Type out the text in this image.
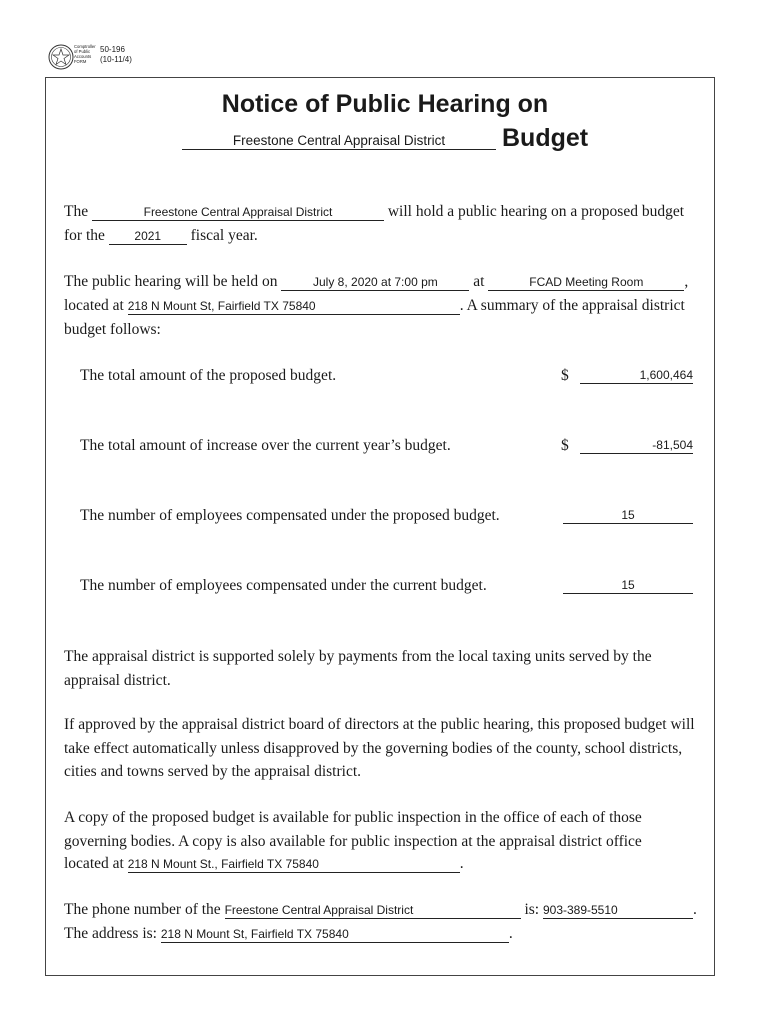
Comptroller
of Public
Accounts
FORM
50-196
(10-11/4)
Notice of Public Hearing on
Freestone Central Appraisal District	Budget
The	Freestone Central Appraisal District	will hold a public hearing on a proposed budget
for the 2021 fiscal year.
The public hearing will be held on	July 8, 2020 at 7:00 pm at	FCAD Meeting Room	,
located at 218 N Mount St, Fairfield TX 75840	. A summary of the appraisal district
budget follows:
The total amount of the proposed budget.	$	1,600,464
The total amount of increase over the current year’s budget.	$	-81,504
The number of employees compensated under the proposed budget.	15
The number of employees compensated under the current budget.	15

The appraisal district is supported solely by payments from the local taxing units served by the appraisal district.

If approved by the appraisal district board of directors at the public hearing, this proposed budget will take effect automatically unless disapproved by the governing bodies of the county, school districts, cities and towns served by the appraisal district.

A copy of the proposed budget is available for public inspection in the office of each of those governing bodies. A copy is also available for public inspection at the appraisal district office

located at 218 N Mount St., Fairfield TX 75840	.
The phone number of the Freestone Central Appraisal District	is: 903-389-5510	.
The address is: 218 N Mount St, Fairfield TX 75840	.
